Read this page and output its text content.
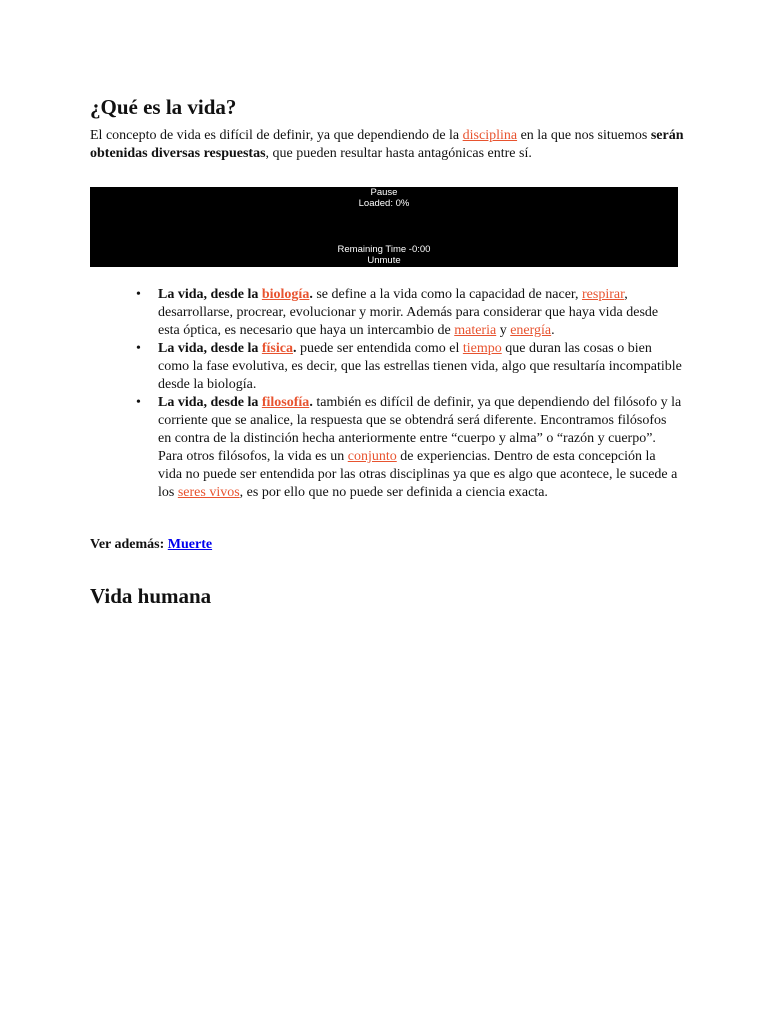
¿Qué es la vida?

El concepto de vida es difícil de definir, ya que dependiendo de la disciplina en la que nos situemos serán obtenidas diversas respuestas, que pueden resultar hasta antagónicas entre sí.

Pause
Loaded: 0%
Remaining Time -0:00
Unmute
• La vida, desde la biología. se define a la vida como la capacidad de nacer, respirar, desarrollarse, procrear, evolucionar y morir. Además para considerar que haya vida desde esta óptica, es necesario que haya un intercambio de materia y energía.
• La vida, desde la física. puede ser entendida como el tiempo que duran las cosas o bien como la fase evolutiva, es decir, que las estrellas tienen vida, algo que resultaría incompatible desde la biología.
• La vida, desde la filosofía. también es difícil de definir, ya que dependiendo del filósofo y la corriente que se analice, la respuesta que se obtendrá será diferente. Encontramos filósofos en contra de la distinción hecha anteriormente entre “cuerpo y alma” o “razón y cuerpo”. Para otros filósofos, la vida es un conjunto de experiencias. Dentro de esta concepción la vida no puede ser entendida por las otras disciplinas ya que es algo que acontece, le sucede a los seres vivos, es por ello que no puede ser definida a ciencia exacta.

Ver además: Muerte

Vida humana
